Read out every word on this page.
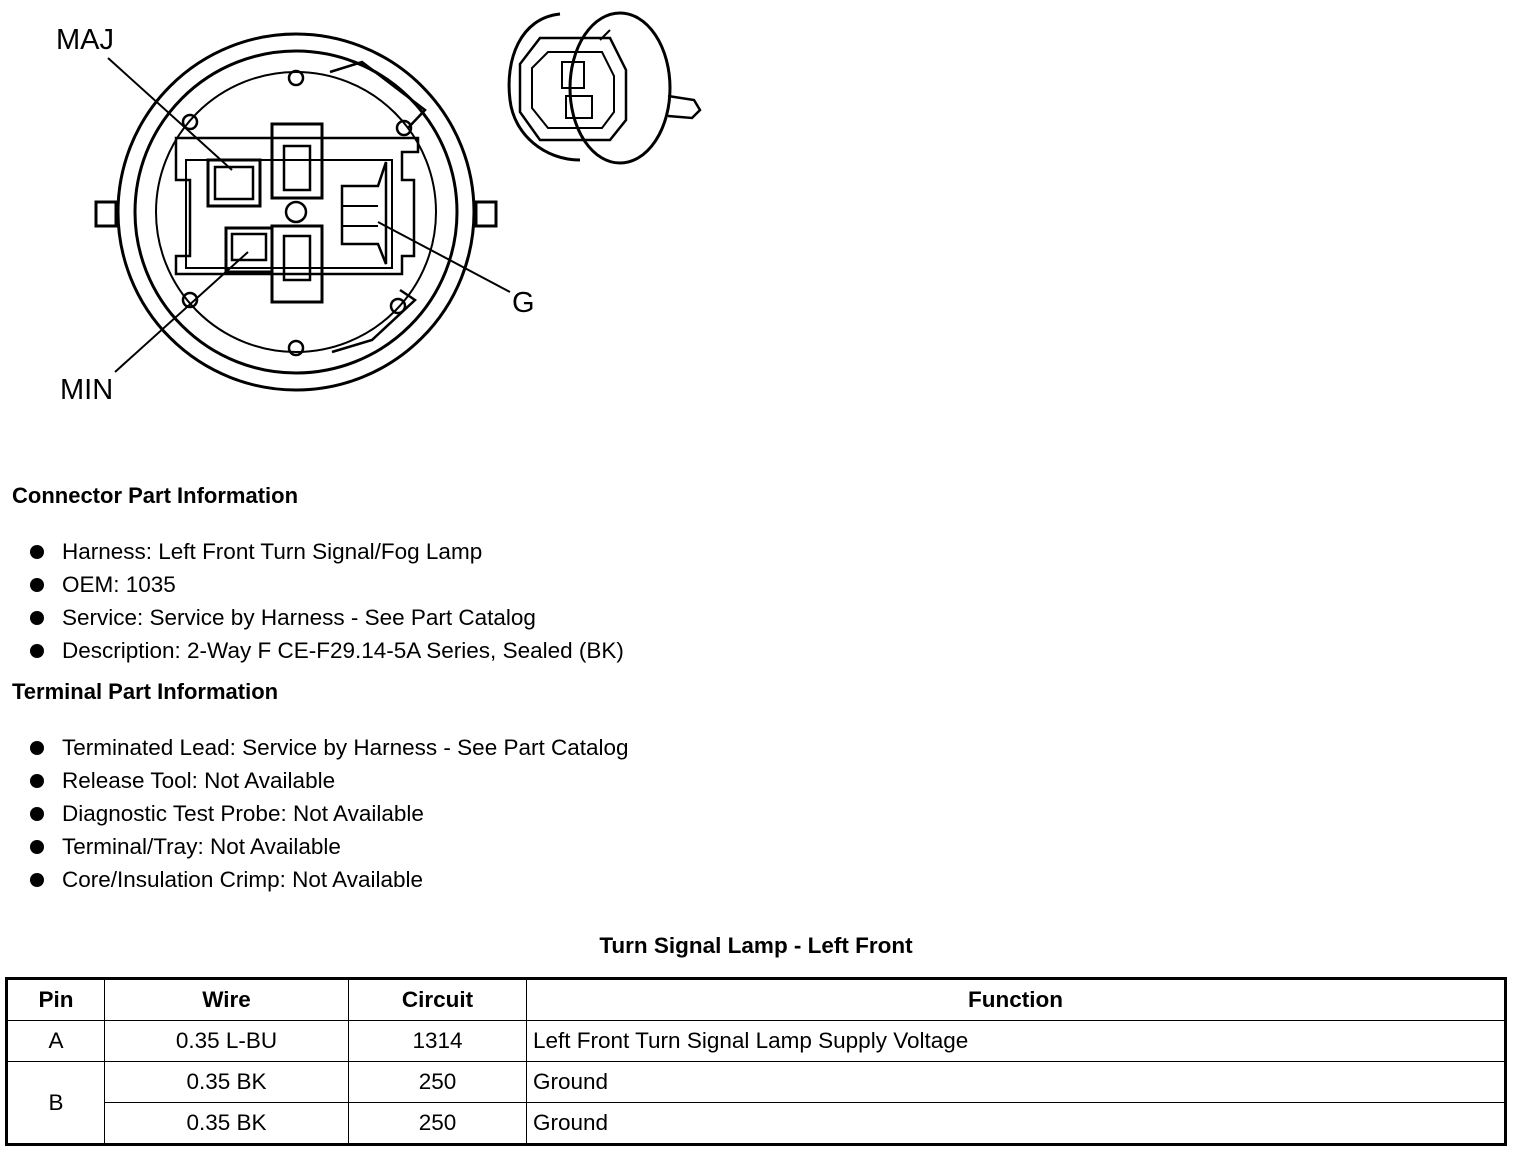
MAJ
MIN
G
Connector Part Information
Harness: Left Front Turn Signal/Fog Lamp
OEM: 1035
Service: Service by Harness - See Part Catalog
Description: 2-Way F CE-F29.14-5A Series, Sealed (BK)
Terminal Part Information
Terminated Lead: Service by Harness - See Part Catalog
Release Tool: Not Available
Diagnostic Test Probe: Not Available
Terminal/Tray: Not Available
Core/Insulation Crimp: Not Available
Turn Signal Lamp - Left Front
Pin	Wire	Circuit	Function
A	0.35 L-BU	1314	Left Front Turn Signal Lamp Supply Voltage
B	0.35 BK	250	Ground
	0.35 BK	250	Ground
